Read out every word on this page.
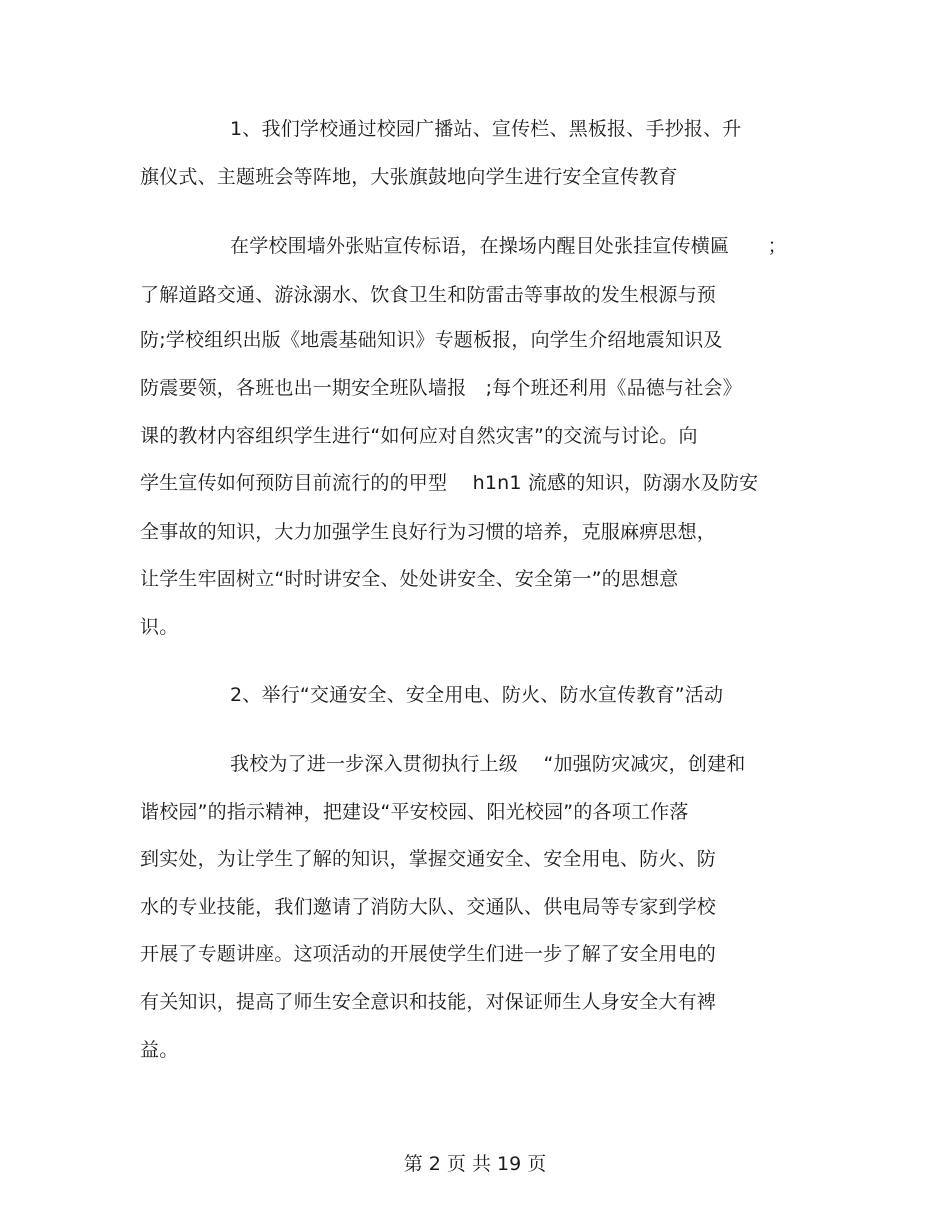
1、我们学校通过校园广播站、宣传栏、黑板报、手抄报、升
旗仪式、主题班会等阵地，大张旗鼓地向学生进行安全宣传教育
在学校围墙外张贴宣传标语，在操场内醒目处张挂宣传横匾　　；
了解道路交通、游泳溺水、饮食卫生和防雷击等事故的发生根源与预
防;学校组织出版《地震基础知识》专题板报，向学生介绍地震知识及
防震要领，各班也出一期安全班队墙报　;每个班还利用《品德与社会》
课的教材内容组织学生进行“如何应对自然灾害”的交流与讨论。向
学生宣传如何预防目前流行的的甲型　 h1n1 流感的知识，防溺水及防安
全事故的知识，大力加强学生良好行为习惯的培养，克服麻痹思想，
让学生牢固树立“时时讲安全、处处讲安全、安全第一”的思想意
识。
2、举行“交通安全、安全用电、防火、防水宣传教育”活动
我校为了进一步深入贯彻执行上级　 “加强防灾减灾，创建和
谐校园”的指示精神，把建设“平安校园、阳光校园”的各项工作落
到实处，为让学生了解的知识，掌握交通安全、安全用电、防火、防
水的专业技能，我们邀请了消防大队、交通队、供电局等专家到学校
开展了专题讲座。这项活动的开展使学生们进一步了解了安全用电的
有关知识，提高了师生安全意识和技能，对保证师生人身安全大有裨
益。
第 2 页 共 19 页
